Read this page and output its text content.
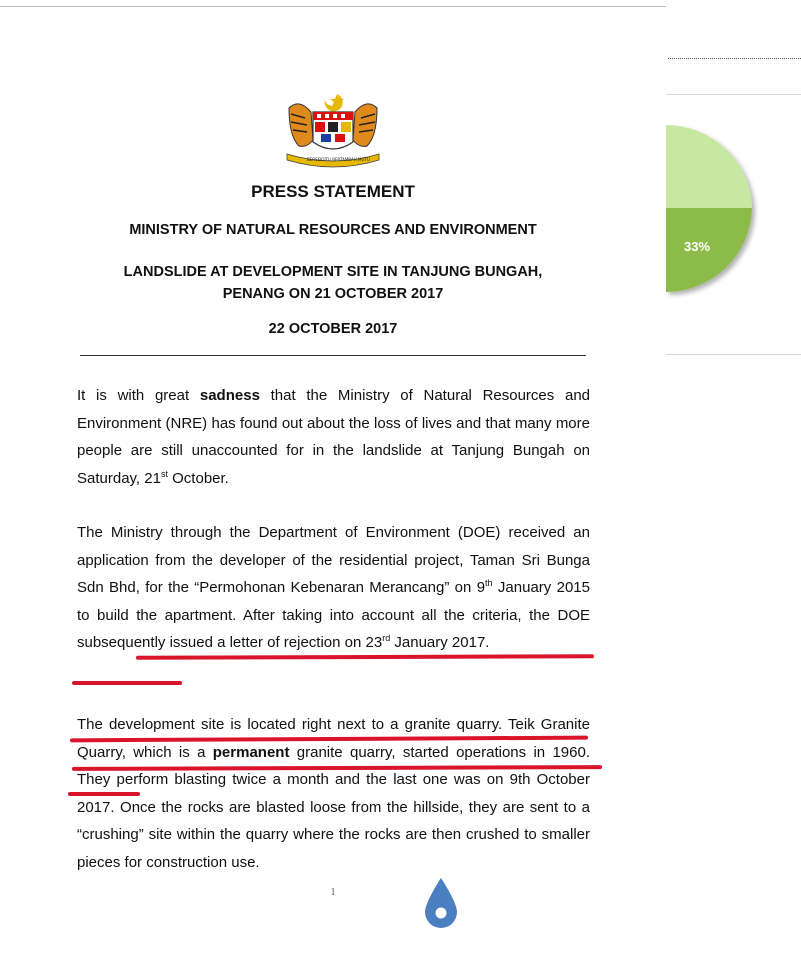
BERSEKUTU BERTAMBAH MUTU
PRESS STATEMENT
MINISTRY OF NATURAL RESOURCES AND ENVIRONMENT
LANDSLIDE AT DEVELOPMENT SITE IN TANJUNG BUNGAH,
PENANG ON 21 OCTOBER 2017
22 OCTOBER 2017
It is with great sadness that the Ministry of Natural Resources and Environment (NRE) has found out about the loss of lives and that many more people are still unaccounted for in the landslide at Tanjung Bungah on Saturday, 21st October.
The Ministry through the Department of Environment (DOE) received an application from the developer of the residential project, Taman Sri Bunga Sdn Bhd, for the “Permohonan Kebenaran Merancang” on 9th January 2015 to build the apartment. After taking into account all the criteria, the DOE subsequently issued a letter of rejection on 23rd January 2017.
The development site is located right next to a granite quarry. Teik Granite Quarry, which is a permanent granite quarry, started operations in 1960. They perform blasting twice a month and the last one was on 9th October 2017. Once the rocks are blasted loose from the hillside, they are sent to a “crushing” site within the quarry where the rocks are then crushed to smaller pieces for construction use.
1
33%
